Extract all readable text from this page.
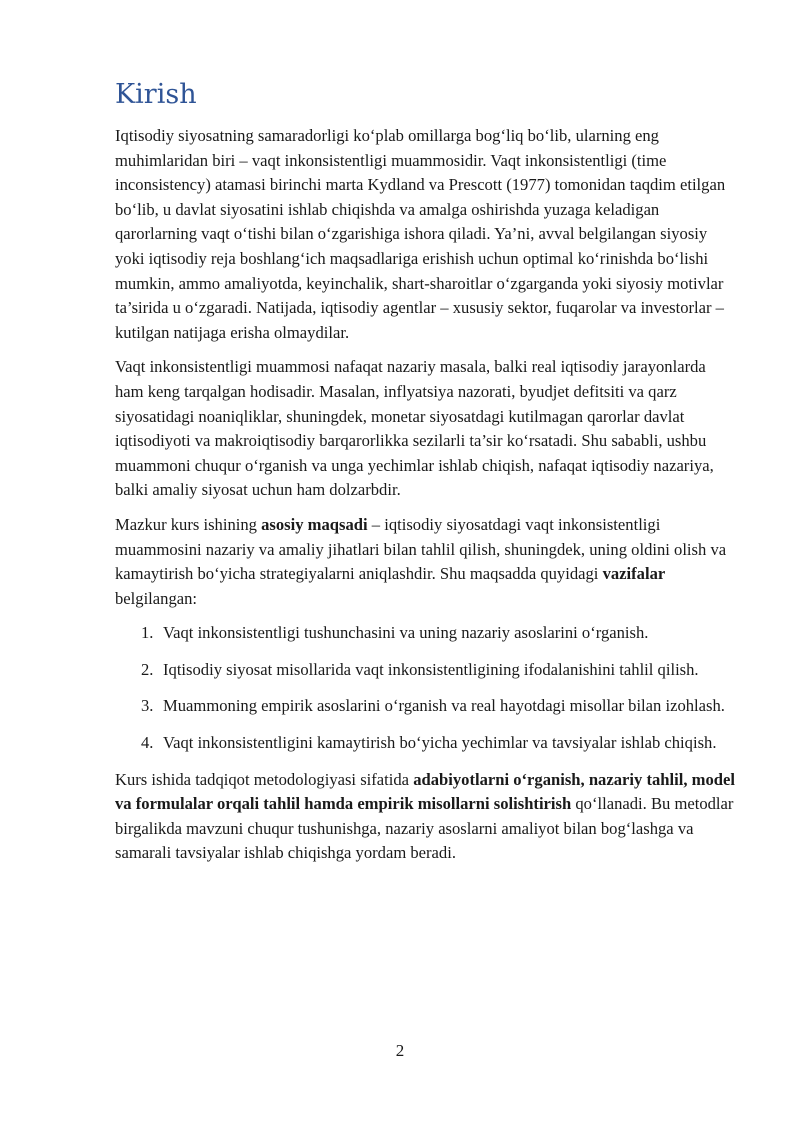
Kirish

Iqtisodiy siyosatning samaradorligi ko‘plab omillarga bog‘liq bo‘lib, ularning eng muhimlaridan biri – vaqt inkonsistentligi muammosidir. Vaqt inkonsistentligi (time inconsistency) atamasi birinchi marta Kydland va Prescott (1977) tomonidan taqdim etilgan bo‘lib, u davlat siyosatini ishlab chiqishda va amalga oshirishda yuzaga keladigan qarorlarning vaqt o‘tishi bilan o‘zgarishiga ishora qiladi. Ya’ni, avval belgilangan siyosiy yoki iqtisodiy reja boshlang‘ich maqsadlariga erishish uchun optimal ko‘rinishda bo‘lishi mumkin, ammo amaliyotda, keyinchalik, shart-sharoitlar o‘zgarganda yoki siyosiy motivlar ta’sirida u o‘zgaradi. Natijada, iqtisodiy agentlar – xususiy sektor, fuqarolar va investorlar – kutilgan natijaga erisha olmaydilar.

Vaqt inkonsistentligi muammosi nafaqat nazariy masala, balki real iqtisodiy jarayonlarda ham keng tarqalgan hodisadir. Masalan, inflyatsiya nazorati, byudjet defitsiti va qarz siyosatidagi noaniqliklar, shuningdek, monetar siyosatdagi kutilmagan qarorlar davlat iqtisodiyoti va makroiqtisodiy barqarorlikka sezilarli ta’sir ko‘rsatadi. Shu sababli, ushbu muammoni chuqur o‘rganish va unga yechimlar ishlab chiqish, nafaqat iqtisodiy nazariya, balki amaliy siyosat uchun ham dolzarbdir.

Mazkur kurs ishining asosiy maqsadi – iqtisodiy siyosatdagi vaqt inkonsistentligi muammosini nazariy va amaliy jihatlari bilan tahlil qilish, shuningdek, uning oldini olish va kamaytirish bo‘yicha strategiyalarni aniqlashdir. Shu maqsadda quyidagi vazifalar belgilangan:

1. Vaqt inkonsistentligi tushunchasini va uning nazariy asoslarini o‘rganish.
2. Iqtisodiy siyosat misollarida vaqt inkonsistentligining ifodalanishini tahlil qilish.
3. Muammoning empirik asoslarini o‘rganish va real hayotdagi misollar bilan izohlash.
4. Vaqt inkonsistentligini kamaytirish bo‘yicha yechimlar va tavsiyalar ishlab chiqish.

Kurs ishida tadqiqot metodologiyasi sifatida adabiyotlarni o‘rganish, nazariy tahlil, model va formulalar orqali tahlil hamda empirik misollarni solishtirish qo‘llanadi. Bu metodlar birgalikda mavzuni chuqur tushunishga, nazariy asoslarni amaliyot bilan bog‘lashga va samarali tavsiyalar ishlab chiqishga yordam beradi.

2
